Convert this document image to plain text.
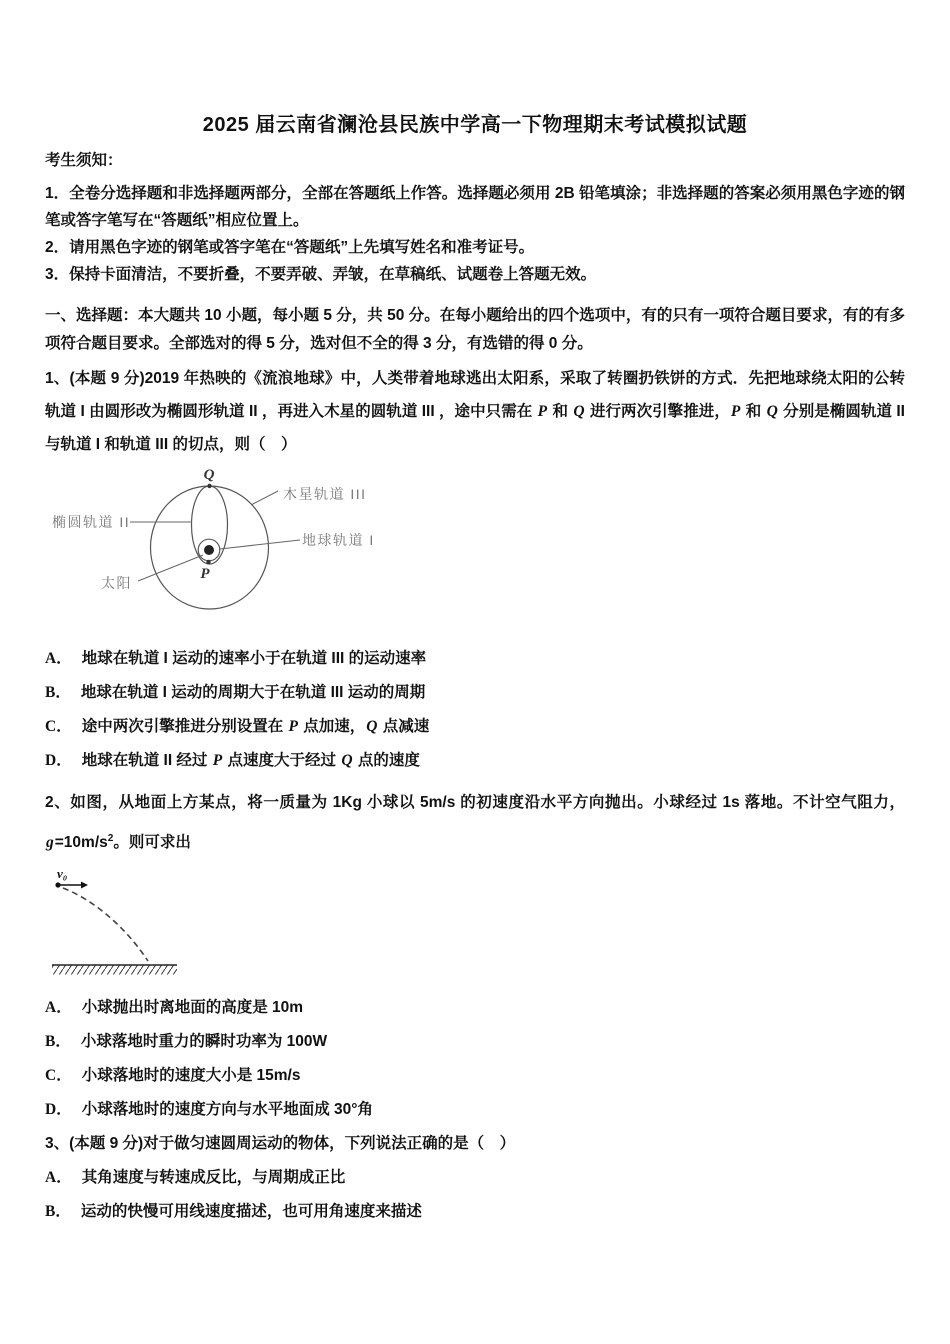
2025 届云南省澜沧县民族中学高一下物理期末考试模拟试题

考生须知：

1．全卷分选择题和非选择题两部分，全部在答题纸上作答。选择题必须用 2B 铅笔填涂；非选择题的答案必须用黑色字迹的钢笔或答字笔写在“答题纸”相应位置上。

2．请用黑色字迹的钢笔或答字笔在“答题纸”上先填写姓名和准考证号。

3．保持卡面清洁，不要折叠，不要弄破、弄皱，在草稿纸、试题卷上答题无效。

一、选择题：本大题共 10 小题，每小题 5 分，共 50 分。在每小题给出的四个选项中，有的只有一项符合题目要求，有的有多项符合题目要求。全部选对的得 5 分，选对但不全的得 3 分，有选错的得 0 分。

1、(本题 9 分)2019 年热映的《流浪地球》中，人类带着地球逃出太阳系，采取了转圈扔铁饼的方式．先把地球绕太阳的公转轨道 I 由圆形改为椭圆形轨道 II ，再进入木星的圆轨道 III ，途中只需在 P 和 Q 进行两次引擎推进，P 和 Q 分别是椭圆轨道 II 与轨道 I 和轨道 III 的切点，则（　）

Q
P
椭圆轨道 II
木星轨道 III
地球轨道 I
太阳

A． 地球在轨道 I 运动的速率小于在轨道 III 的运动速率

B． 地球在轨道 I 运动的周期大于在轨道 III 运动的周期

C． 途中两次引擎推进分别设置在 P 点加速，Q 点减速

D． 地球在轨道 II 经过 P 点速度大于经过 Q 点的速度

2、如图，从地面上方某点，将一质量为 1Kg 小球以 5m/s 的初速度沿水平方向抛出。小球经过 1s 落地。不计空气阻力，$g=10m/s^2$。则可求出

v₀

A． 小球抛出时离地面的高度是 10m

B． 小球落地时重力的瞬时功率为 100W

C． 小球落地时的速度大小是 15m/s

D． 小球落地时的速度方向与水平地面成 30°角

3、(本题 9 分)对于做匀速圆周运动的物体，下列说法正确的是（　）

A． 其角速度与转速成反比，与周期成正比

B． 运动的快慢可用线速度描述，也可用角速度来描述
